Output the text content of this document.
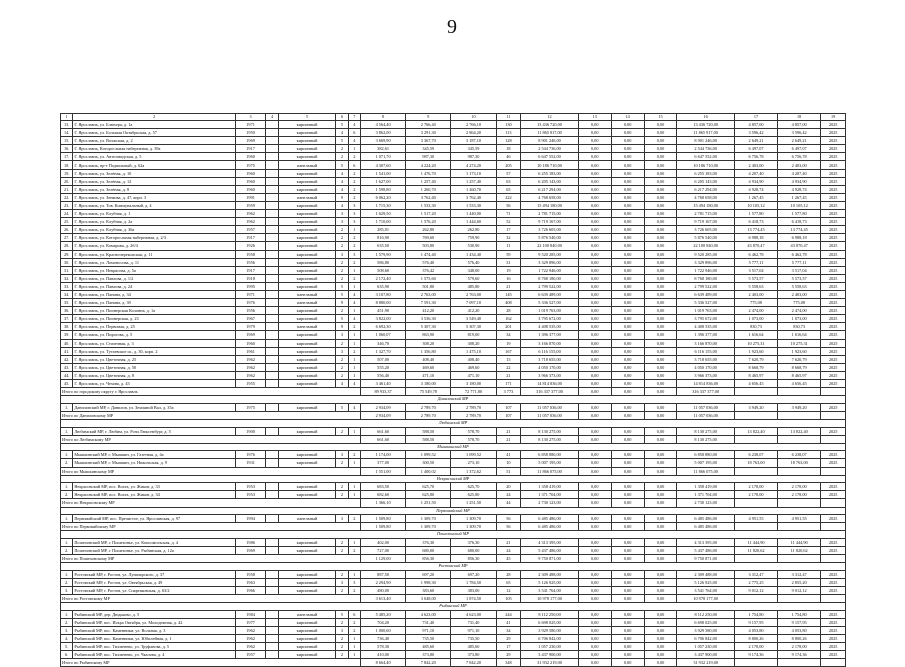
9
1	2	3	4	5	6	7	8	9	10	11	12	13	14	15	16	17	18	19
13.	Г. Ярославль, ул. Блюхера, д. 1а	1971		кирпичный	5	4	4 564,40	2 766,40	2 766,10	130	13 436 720,00	0,00	0,00	0,00	13 436 720,00	4 857,00	4 857,00	2025
14.	Г. Ярославль, ул. Большая Октябрьская, д. 57	1950		кирпичный	4	6	3 862,00	3 291,30	2 864,20	113	11 865 917,00	0,00	0,00	0,00	11 865 917,00	3 596,42	3 596,42	2025
15.	Г. Ярославль, ул. Волжская, д. 2	1969		кирпичный	5	4	3 669,90	3 367,70	3 187,10	128	8 901 246,00	0,00	0,00	0,00	8 901 246,00	2 649,21	2 649,21	2025
16.	Г. Ярославль, Которосльная набережная, д. 39а	1917		кирпичный	2	1	382,61	345,59	345,59	18	2 544 736,00	0,00	0,00	0,00	2 544 736,00	6 497,07	6 497,07	2025
17.	Г. Ярославль, ул. Автозаводская, д. 5	1960		кирпичный	2	2	1 071,70	987,30	987,30	46	6 647 552,00	0,00	0,00	0,00	6 647 552,00	6 756,78	6 756,78	2025
18.	Г. Ярославль, пр-т Подвальный, д. 62а	1975		панельный	5	6	4 307,60	4 224,20	4 274,20	205	10 186 710,00	0,00	0,00	0,00	10 186 710,00	2 403,00	2 403,00	2025
19.	Г. Ярославль, ул. Зелёная, д. 10	1960		кирпичный	4	2	1 541,00	1 476,70	1 173,10	57	6 255 183,00	0,00	0,00	0,00	6 255 183,00	4 207,40	4 207,40	2025
20.	Г. Ярославль, ул. Зелёная, д. 12	1960		кирпичный	4	2	1 627,00	1 257,40	1 257,40	63	6 205 143,00	0,00	0,00	0,00	6 205 143,00	4 934,90	4 934,90	2025
21.	Г. Ярославль, ул. Зелёная, д. 8	1960		кирпичный	4	2	1 598,80	1 260,70	1 260,70	65	6 217 294,00	0,00	0,00	0,00	6 217 294,00	4 928,74	4 928,74	2025
22.	Г. Ярославль, ул. Зенкова, д. 47, корп. 3	1991		панельный	9	2	6 062,20	3 762,40	3 762,40	222	4 768 658,00	0,00	0,00	0,00	4 768 658,00	1 267,45	1 267,45	2025
23.	Г. Ярославль, ул. Тов. Коммунальный, д. 4	1959		кирпичный	4	3	1 715,30	1 533,30	1 533,30	56	15 494 180,00	0,00	0,00	0,00	15 494 180,00	10 105,12	10 105,12	2025
24.	Г. Ярославль, ул. Клубная, д. 1	1962		кирпичный	3	3	1 629,50	1 517,20	1 440,00	71	2 781 715,00	0,00	0,00	0,00	2 781 715,00	1 577,80	1 577,80	2025
25.	Г. Ярославль, ул. Клубная, д. 2а	1962		кирпичный	3	3	1 710,00	1 576,20	1 444,60	52	9 719 167,00	0,00	0,00	0,00	9 719 167,00	6 418,73	6 418,73	2025
26.	Г. Ярославль, ул. Клубная, д. 36а	1957		кирпичный	2	1	285,01	262,80	262,80	17	3 726 605,00	0,00	0,00	0,00	3 726 605,00	13 774,45	13 774,45	2025
27.	Г. Ярославль, ул. Которосльная набережная, д. 2/3	1917		кирпичный	2	2	816,90	769,60	759,90	32	5 876 540,00	0,00	0,00	0,00	5 876 540,00	6 988,18	6 988,18	2025
28.	Г. Ярославль, ул. Комарова, д. 2б/4	1926		кирпичный	2	2	635,50	503,80	530,90	11	22 100 840,00	0,00	0,00	0,00	22 100 840,00	43 870,47	43 870,47	2025
29.	Г. Ярославль, ул. Красноперекопская, д. 11	1958		кирпичный	3	3	1 579,90	1 474,40	1 434,40	59	9 520 285,00	0,00	0,00	0,00	9 520 285,00	6 462,78	6 462,78	2025
30.	Г. Ярославль, ул. Ломоносова, д. 11	1956		кирпичный	2	2	586,80	576,40	576,40	31	3 329 896,00	0,00	0,00	0,00	3 329 896,00	5 777,11	5 777,11	2025
31.	Г. Ярославль, ул. Некрасова, д. 5а	1917		кирпичный	2	1	508,60	376,42	348,00	19	1 722 946,00	0,00	0,00	0,00	1 722 946,00	3 517,04	3 517,04	2025
32.	Г. Ярославль, ул. Павлова, д. 1/2	1918		кирпичный	2	2	2 172,40	1 575,60	579,60	16	8 768 180,00	0,00	0,00	0,00	8 768 180,00	5 573,57	5 573,57	2025
33.	Г. Ярославль, ул. Павлова, д. 24	1995		кирпичный	5	1	635,90	501,80	485,80	21	2 799 522,00	0,00	0,00	0,00	2 799 522,00	5 558,63	5 558,63	2025
34.	Г. Ярославль, ул. Панина, д. 34	1971		панельный	5	4	3 107,80	2 763,00	2 763,00	145	6 639 489,00	0,00	0,00	0,00	6 639 489,00	2 403,00	2 403,00	2025
35.	Г. Ярославль, ул. Панина, д. 39	1976		панельный	9	4	8 880,00	7 591,30	7 097,10	408	5 336 527,00	0,00	0,00	0,00	5 336 527,00	775,08	775,08	2025
36.	Г. Ярославль, ул. Пионерская Колонна, д. 1а	1956		кирпичный	2	1	451,90	412,20	412,20	28	1 019 763,00	0,00	0,00	0,00	1 019 763,00	2 474,00	2 474,00	2025
37.	Г. Ярославль, ул. Пионерская, д. 23	1967		кирпичный	5	4	3 822,00	3 536,30	3 549,40	162	3 795 672,00	0,00	0,00	0,00	3 795 672,00	1 073,00	1 073,00	2025
38.	Г. Ярославль, ул. Первомая, д. 25	1979		панельный	9	2	6 692,30	5 307,30	5 307,30	201	4 408 535,00	0,00	0,00	0,00	4 408 535,00	830,73	830,73	2025
39.	Г. Ярославль, ул. Пирогова, д. 5	1969		кирпичный	3	1	1 060,07	863,90	819,00	34	1 396 377,00	0,00	0,00	0,00	1 396 377,00	1 616,64	1 616,64	2025
40.	Г. Ярославль, ул. Стачечная, д. 3	1960		кирпичный	2	1	346,70	308,20	308,20	19	3 166 870,00	0,00	0,00	0,00	3 166 870,00	10 275,31	10 275,31	2025
41.	Г. Ярославль, ул. Тутаевское ш., д. 30, корп. 2	1961		кирпичный	3	2	1 327,70	1 356,80	1 475,10	167	6 116 155,00	0,00	0,00	0,00	6 116 155,00	1 923,60	1 923,60	2025
42.	Г. Ярославль, ул. Цветочная, д. 25	1962		кирпичный	2	1	507,00	408,40	408,40	15	3 718 655,00	0,00	0,00	0,00	3 718 655,00	7 620,79	7 620,79	2025
43.	Г. Ярославль, ул. Цветочная, д. 50	1962		кирпичный	2	1	555,20	469,60	469,60	22	4 050 170,00	0,00	0,00	0,00	4 050 170,00	8 668,79	8 668,79	2025
44.	Г. Ярославль, ул. Цветочная, д. 8	1962		кирпичный	2	1	556,40	471,10	471,10	21	3 966 373,00	0,00	0,00	0,00	3 966 373,00	8 465,97	8 465,97	2025
45.	Г. Ярославль, ул. Чехова, д. 43	1955		кирпичный	4	4	3 461,40	3 180,00	3 180,00	171	14 814 836,00	0,00	0,00	0,00	14 814 836,00	4 656,45	4 656,45	2025
Итого по городскому округу г. Ярославль							89 933,37	75 549,78	72 771,80	3 773	316 337 377,00	0,00	0,00	0,00	316 337 377,00			
Даниловский МР																		
1.	Даниловский МР, г. Данилов, ул. Земляной Вал, д. 35а	1975		кирпичный	5	4	2 934,09	2 789,70	2 789,70	107	11 057 036,00	0,00	0,00	0,00	11 057 036,00	3 949,20	3 949,20	2025
Итого по Даниловскому МР							2 934,09	2 789,70	2 789,70	107	11 057 036,00	0,00	0,00	0,00	11 057 036,00			
Любимский МР																		
1.	Любимский МР, г. Любим, ул. Рози Люксембург, д. 5	1900		кирпичный	2	1	661,60	588,50	578,70	21	8 130 275,00	0,00	0,00	0,00	8 130 275,00	13 822,40	13 822,40	2025
Итого по Любимскому МР							661,60	588,50	578,70	21	8 130 275,00	0,00	0,00	0,00	8 130 275,00			
Мышкинский МР																		
1.	Мышкинский МР, г. Мышкин, ул. Газетная, д. 4а	1976		кирпичный	3	2	1 174,00	1 099,52	1 099,52	41	6 858 880,00	0,00	0,00	0,00	6 858 880,00	6 238,07	6 238,07	2025
2.	Мышкинский МР, г. Мышкин, ул. Никольская, д. 9	1931		кирпичный	2	1	377,00	300,50	273,10	10	5 007 195,00	0,00	0,00	0,00	5 007 195,00	18 763,00	18 763,00	2025
Итого по Мышкинскому МР							1 551,00	1 400,02	1 372,62	51	11 866 075,00	0,00	0,00	0,00	11 866 075,00			
Некрасовский МР																		
1.	Некрасовский МР, пос. Вохта, ул. Жиков, д. 33	1953		кирпичный	2	1	683,50	625,70	625,70	20	1 358 419,00	0,00	0,00	0,00	1 358 419,00	2 178,00	2 178,00	2025
2.	Некрасовский МР, пос. Вохта, ул. Жиков, д. 34	1953		кирпичный	2	1	682,60	625,80	625,80	24	1 371 704,00	0,00	0,00	0,00	1 371 704,00	2 178,00	2 178,00	2025
Итого по Некрасовскому МР							1 366,10	1 251,50	1 251,50	44	2 730 123,00	0,00	0,00	0,00	2 730 123,00			
Первомайский МР																		
1.	Первомайский МР, пос. Пречистое, ул. Ярославская, д. 97	1994		панельный	3	2	1 509,80	1 309,70	1 309,70	56	6 485 486,00	0,00	0,00	0,00	6 485 486,00	4 951,55	4 951,55	2025
Итого по Первомайскому МР							1 509,80	1 309,70	1 309,70	56	6 485 486,00	0,00	0,00	0,00	6 485 486,00			
Пошехонский МР																		
1.	Пошехонский МР, г. Пошехонье, ул. Комсомольская, д. 4	1986		кирпичный	2	1	402,00	376,30	376,30	21	4 313 395,00	0,00	0,00	0,00	4 313 395,00	11 444,90	11 444,90	2025
2.	Пошехонский МР, г. Пошехонье, ул. Рыбинская, д. 12а	1969		кирпичный	2	2	727,00	680,00	680,00	24	5 437 486,00	0,00	0,00	0,00	5 437 486,00	11 820,62	11 820,62	2025
Итого по Пошехонскому МР							1 129,00	856,30	856,30	45	9 750 871,00	0,00	0,00	0,00	9 750 871,00			
Ростовский МР																		
1.	Ростовский МР, г. Ростов, ул. Луначарского, д. 37	1958		кирпичный	2	1	887,50	697,20	697,20	28	2 309 488,00	0,00	0,00	0,00	2 309 488,00	3 312,47	3 312,47	2025
2.	Ростовский МР, г. Ростов, ул. Октябрьская, д. 49	1963		кирпичный	3	3	2 294,90	1 998,30	1 784,50	65	5 126 925,00	0,00	0,00	0,00	5 126 925,00	2 775,25	2 855,20	2025
3.	Ростовский МР, г. Ростов, ул. Спартаковская, д. 63/2	1966		кирпичный	2	2	480,00	383,60	383,00	12	3 541 764,00	0,00	0,00	0,00	3 541 764,00	9 012,12	9 012,12	2025
Итого по Ростовскому МР							3 613,40	3 048,00	1 874,50	105	10 978 177,00	0,00	0,00	0,00	10 978 177,00			
Рыбинский МР																		
1.	Рыбинский МР, дер. Дюдьково, д. 5	1984		панельный	5	6	5 485,20	4 623,00	4 623,00	244	8 112 250,00	0,00	0,00	0,00	8 112 250,00	1 754,80	1 754,80	2025
2.	Рыбинский МР, пос. Искра Октября, ул. Молодежная, д. 42	1977		кирпичный	2	2	704,20	731,40	731,40	41	6 698 025,00	0,00	0,00	0,00	6 698 025,00	9 157,95	9 157,95	2025
3.	Рыбинский МР, пос. Каменники, ул. Вольная, д. 3	1962		кирпичный	3	2	1 000,60	971,10	971,10	34	3 929 580,00	0,00	0,00	0,00	3 929 580,00	4 053,80	4 053,80	2025
4.	Рыбинский МР, пос. Каменники, ул. Юбилейная, д. 1	1962		кирпичный	2	1	736,40	735,50	735,50	29	6 706 842,00	0,00	0,00	0,00	6 706 842,00	8 800,26	8 800,26	2025
5.	Рыбинский МР, пос. Тихменево, ул. Труфанова, д. 5	1962		кирпичный	2	1	578,30	485,60	485,60	17	1 057 230,00	0,00	0,00	0,00	1 057 230,00	2 178,00	2 178,00	2025
6.	Рыбинский МР, пос. Тихменево, ул. Чкалова, д. 4	1957		кирпичный	2	1	410,00	373,80	373,80	29	3 437 900,00	0,00	0,00	0,00	3 437 900,00	9 174,36	9 174,36	2025
Итого по Рыбинскому МР							8 664,40	7 842,20	7 842,20	348	31 932 219,00	0,00	0,00	0,00	31 932 219,00			
